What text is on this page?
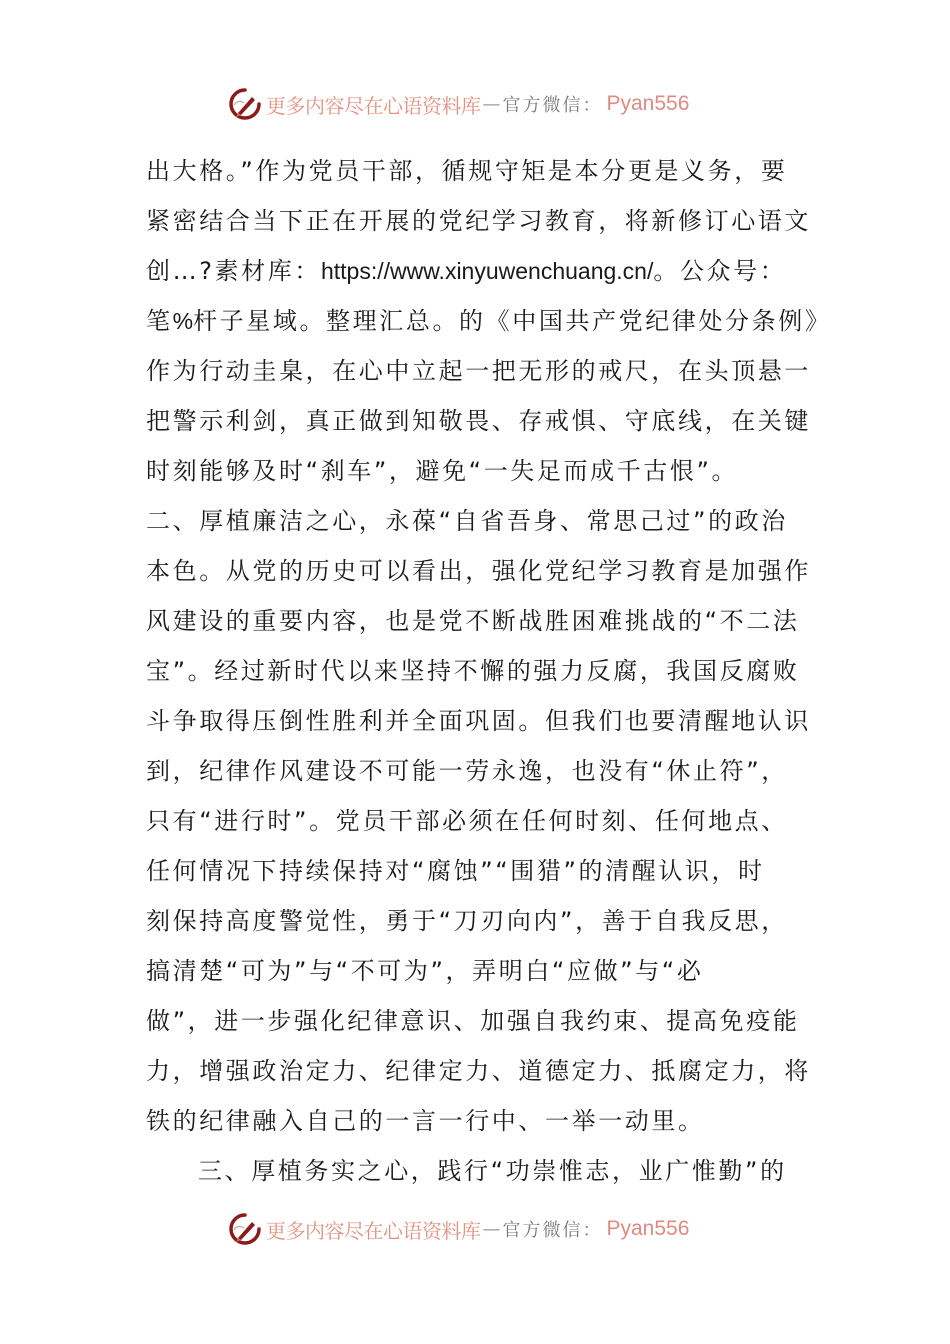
更多内容尽在心语资料库 — 官方微信： Pyan556
出大格。”作为党员干部，循规守矩是本分更是义务，要
紧密结合当下正在开展的党纪学习教育，将新修订心语文
创…?素材库：https://www.xinyuwenchuang.cn/。公众号：
笔%杆子星域。整理汇总。的《中国共产党纪律处分条例》
作为行动圭臬，在心中立起一把无形的戒尺，在头顶悬一
把警示利剑，真正做到知敬畏、存戒惧、守底线，在关键
时刻能够及时“刹车”，避免“一失足而成千古恨”。
二、厚植廉洁之心，永葆“自省吾身、常思己过”的政治
本色。从党的历史可以看出，强化党纪学习教育是加强作
风建设的重要内容，也是党不断战胜困难挑战的“不二法
宝”。经过新时代以来坚持不懈的强力反腐，我国反腐败
斗争取得压倒性胜利并全面巩固。但我们也要清醒地认识
到，纪律作风建设不可能一劳永逸，也没有“休止符”，
只有“进行时”。党员干部必须在任何时刻、任何地点、
任何情况下持续保持对“腐蚀”“围猎”的清醒认识，时
刻保持高度警觉性，勇于“刀刃向内”，善于自我反思，
搞清楚“可为”与“不可为”，弄明白“应做”与“必
做”，进一步强化纪律意识、加强自我约束、提高免疫能
力，增强政治定力、纪律定力、道德定力、抵腐定力，将
铁的纪律融入自己的一言一行中、一举一动里。
三、厚植务实之心，践行“功崇惟志，业广惟勤”的
更多内容尽在心语资料库 — 官方微信： Pyan556
